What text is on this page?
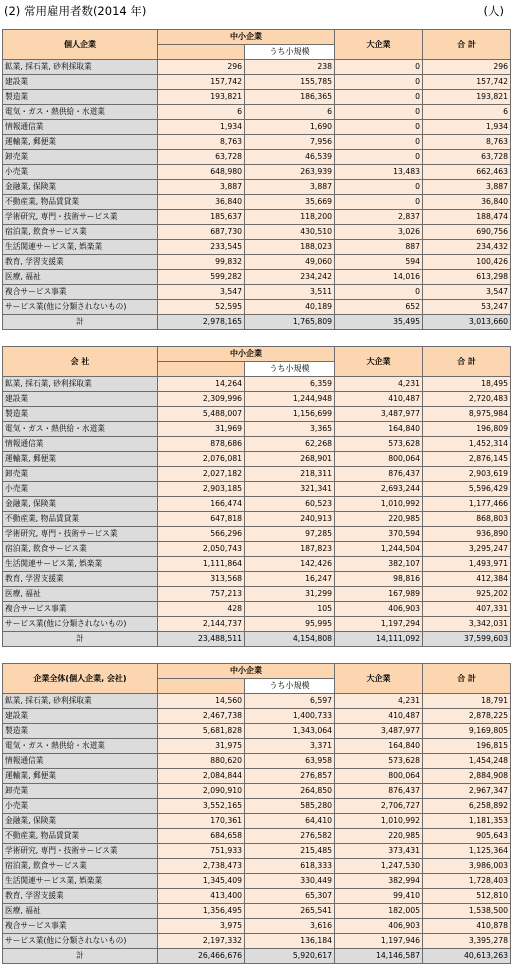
(2) 常用雇用者数(2014 年)	(人)
個人企業	中小企業		大企業	合 計
		うち小規模		
鉱業, 採石業, 砂利採取業	296	238	0	296
建設業	157,742	155,785	0	157,742
製造業	193,821	186,365	0	193,821
電気・ガス・熱供給・水道業	6	6	0	6
情報通信業	1,934	1,690	0	1,934
運輸業, 郵便業	8,763	7,956	0	8,763
卸売業	63,728	46,539	0	63,728
小売業	648,980	263,939	13,483	662,463
金融業, 保険業	3,887	3,887	0	3,887
不動産業, 物品賃貸業	36,840	35,669	0	36,840
学術研究, 専門・技術サービス業	185,637	118,200	2,837	188,474
宿泊業, 飲食サービス業	687,730	430,510	3,026	690,756
生活関連サービス業, 娯楽業	233,545	188,023	887	234,432
教育, 学習支援業	99,832	49,060	594	100,426
医療, 福祉	599,282	234,242	14,016	613,298
複合サービス事業	3,547	3,511	0	3,547
サービス業(他に分類されないもの)	52,595	40,189	652	53,247
計	2,978,165	1,765,809	35,495	3,013,660
会 社	中小企業		大企業	合 計
		うち小規模		
鉱業, 採石業, 砂利採取業	14,264	6,359	4,231	18,495
建設業	2,309,996	1,244,948	410,487	2,720,483
製造業	5,488,007	1,156,699	3,487,977	8,975,984
電気・ガス・熱供給・水道業	31,969	3,365	164,840	196,809
情報通信業	878,686	62,268	573,628	1,452,314
運輸業, 郵便業	2,076,081	268,901	800,064	2,876,145
卸売業	2,027,182	218,311	876,437	2,903,619
小売業	2,903,185	321,341	2,693,244	5,596,429
金融業, 保険業	166,474	60,523	1,010,992	1,177,466
不動産業, 物品賃貸業	647,818	240,913	220,985	868,803
学術研究, 専門・技術サービス業	566,296	97,285	370,594	936,890
宿泊業, 飲食サービス業	2,050,743	187,823	1,244,504	3,295,247
生活関連サービス業, 娯楽業	1,111,864	142,426	382,107	1,493,971
教育, 学習支援業	313,568	16,247	98,816	412,384
医療, 福祉	757,213	31,299	167,989	925,202
複合サービス事業	428	105	406,903	407,331
サービス業(他に分類されないもの)	2,144,737	95,995	1,197,294	3,342,031
計	23,488,511	4,154,808	14,111,092	37,599,603
企業全体(個人企業, 会社)	中小企業		大企業	合 計
		うち小規模		
鉱業, 採石業, 砂利採取業	14,560	6,597	4,231	18,791
建設業	2,467,738	1,400,733	410,487	2,878,225
製造業	5,681,828	1,343,064	3,487,977	9,169,805
電気・ガス・熱供給・水道業	31,975	3,371	164,840	196,815
情報通信業	880,620	63,958	573,628	1,454,248
運輸業, 郵便業	2,084,844	276,857	800,064	2,884,908
卸売業	2,090,910	264,850	876,437	2,967,347
小売業	3,552,165	585,280	2,706,727	6,258,892
金融業, 保険業	170,361	64,410	1,010,992	1,181,353
不動産業, 物品賃貸業	684,658	276,582	220,985	905,643
学術研究, 専門・技術サービス業	751,933	215,485	373,431	1,125,364
宿泊業, 飲食サービス業	2,738,473	618,333	1,247,530	3,986,003
生活関連サービス業, 娯楽業	1,345,409	330,449	382,994	1,728,403
教育, 学習支援業	413,400	65,307	99,410	512,810
医療, 福祉	1,356,495	265,541	182,005	1,538,500
複合サービス事業	3,975	3,616	406,903	410,878
サービス業(他に分類されないもの)	2,197,332	136,184	1,197,946	3,395,278
計	26,466,676	5,920,617	14,146,587	40,613,263
